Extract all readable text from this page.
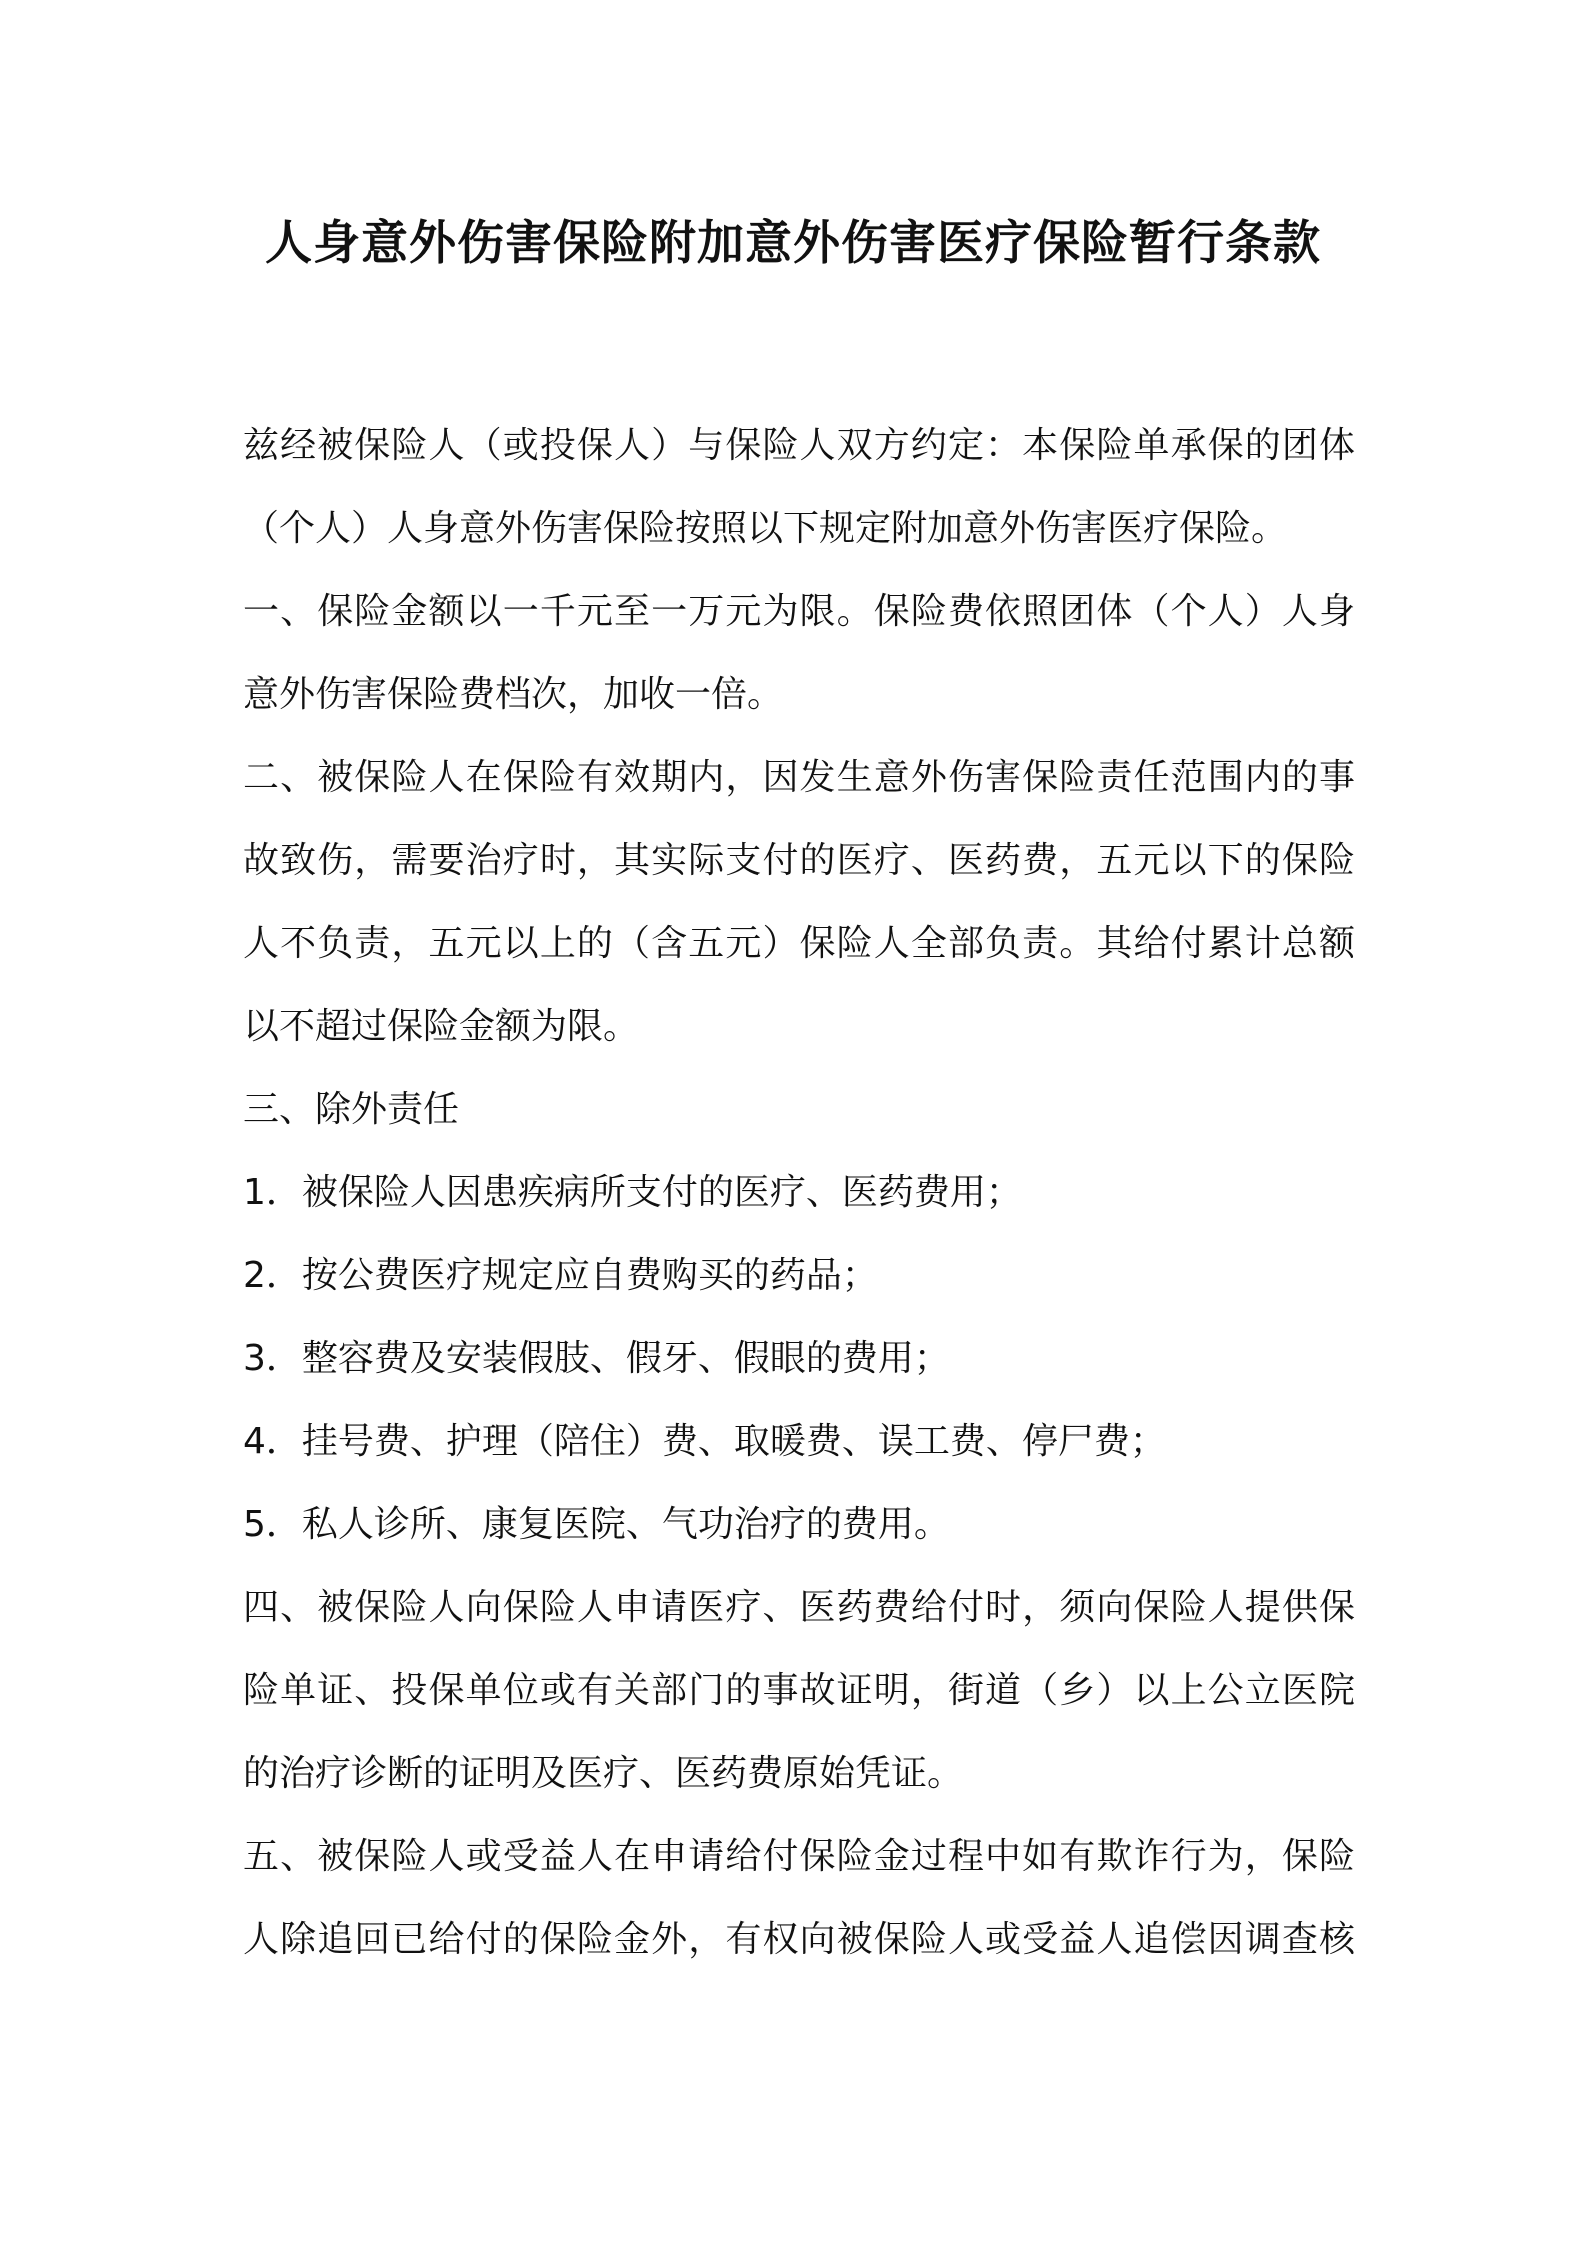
人身意外伤害保险附加意外伤害医疗保险暂行条款
兹经被保险人（或投保人）与保险人双方约定：本保险单承保的团体
（个人）人身意外伤害保险按照以下规定附加意外伤害医疗保险。
一、保险金额以一千元至一万元为限。保险费依照团体（个人）人身
意外伤害保险费档次，加收一倍。
二、被保险人在保险有效期内，因发生意外伤害保险责任范围内的事
故致伤，需要治疗时，其实际支付的医疗、医药费，五元以下的保险
人不负责，五元以上的（含五元）保险人全部负责。其给付累计总额
以不超过保险金额为限。
三、除外责任
1．被保险人因患疾病所支付的医疗、医药费用；
2．按公费医疗规定应自费购买的药品；
3．整容费及安装假肢、假牙、假眼的费用；
4．挂号费、护理（陪住）费、取暖费、误工费、停尸费；
5．私人诊所、康复医院、气功治疗的费用。
四、被保险人向保险人申请医疗、医药费给付时，须向保险人提供保
险单证、投保单位或有关部门的事故证明，街道（乡）以上公立医院
的治疗诊断的证明及医疗、医药费原始凭证。
五、被保险人或受益人在申请给付保险金过程中如有欺诈行为，保险
人除追回已给付的保险金外，有权向被保险人或受益人追偿因调查核
